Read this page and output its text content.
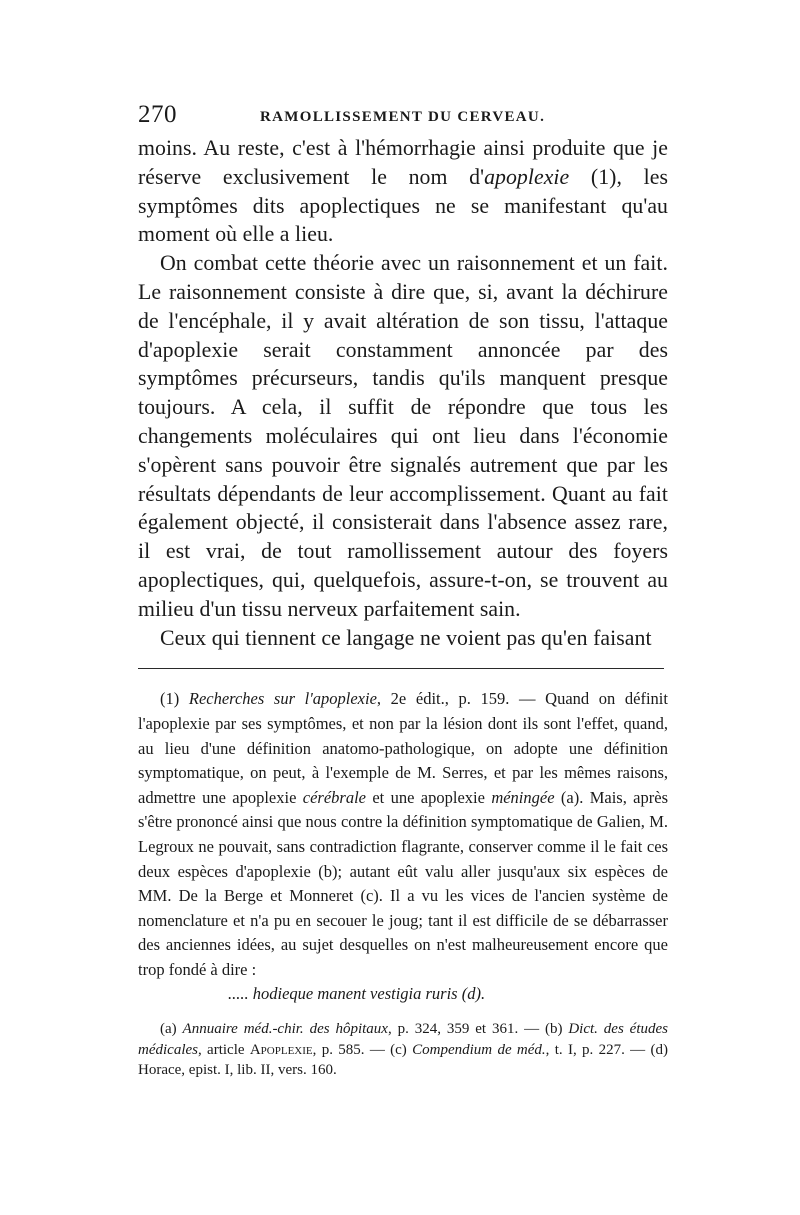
270	RAMOLLISSEMENT DU CERVEAU.

moins. Au reste, c'est à l'hémorrhagie ainsi produite que je réserve exclusivement le nom d'apoplexie (1), les symptômes dits apoplectiques ne se manifestant qu'au moment où elle a lieu.

On combat cette théorie avec un raisonnement et un fait. Le raisonnement consiste à dire que, si, avant la déchirure de l'encéphale, il y avait altération de son tissu, l'attaque d'apoplexie serait constamment annoncée par des symptômes précurseurs, tandis qu'ils manquent presque toujours. A cela, il suffit de répondre que tous les changements moléculaires qui ont lieu dans l'économie s'opèrent sans pouvoir être signalés autrement que par les résultats dépendants de leur accomplissement. Quant au fait également objecté, il consisterait dans l'absence assez rare, il est vrai, de tout ramollissement autour des foyers apoplectiques, qui, quelquefois, assure-t-on, se trouvent au milieu d'un tissu nerveux parfaitement sain.

Ceux qui tiennent ce langage ne voient pas qu'en faisant

(1) Recherches sur l'apoplexie, 2e édit., p. 159. — Quand on définit l'apoplexie par ses symptômes, et non par la lésion dont ils sont l'effet, quand, au lieu d'une définition anatomo-pathologique, on adopte une définition symptomatique, on peut, à l'exemple de M. Serres, et par les mêmes raisons, admettre une apoplexie cérébrale et une apoplexie méningée (a). Mais, après s'être prononcé ainsi que nous contre la définition symptomatique de Galien, M. Legroux ne pouvait, sans contradiction flagrante, conserver comme il le fait ces deux espèces d'apoplexie (b); autant eût valu aller jusqu'aux six espèces de MM. De la Berge et Monneret (c). Il a vu les vices de l'ancien système de nomenclature et n'a pu en secouer le joug; tant il est difficile de se débarrasser des anciennes idées, au sujet desquelles on n'est malheureusement encore que trop fondé à dire :

..... hodieque manent vestigia ruris (d).

(a) Annuaire méd.-chir. des hôpitaux, p. 324, 359 et 361. — (b) Dict. des études médicales, article Apoplexie, p. 585. — (c) Compendium de méd., t. I, p. 227. — (d) Horace, epist. I, lib. II, vers. 160.
